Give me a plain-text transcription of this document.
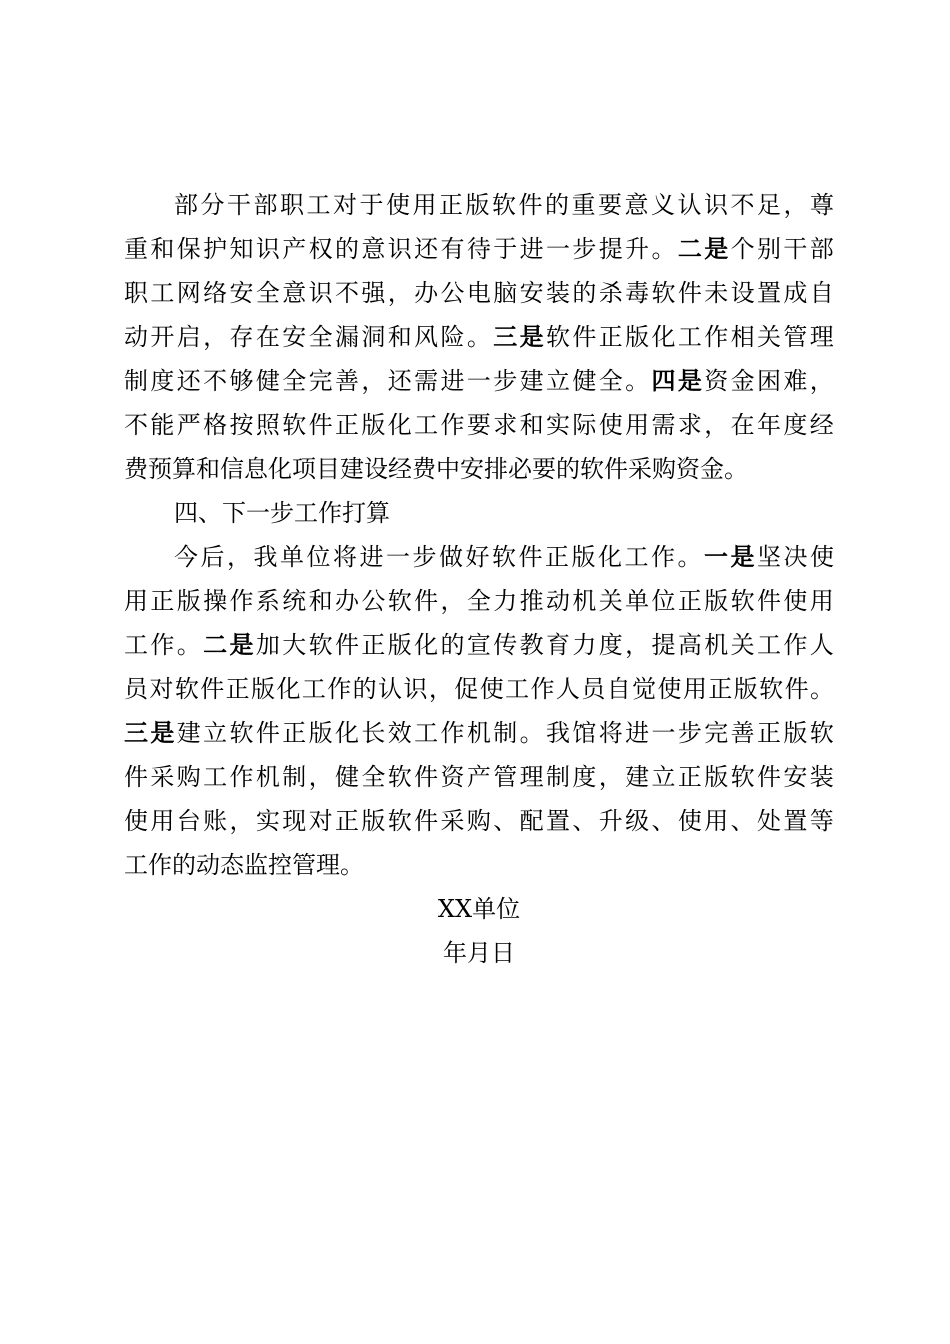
部 分 干 部 职 工 对 于 使 用 正 版 软 件 的 重 要 意 义 认 识 不 足 ， 尊
重 和 保 护 知 识 产 权 的 意 识 还 有 待 于 进 一 步 提 升 。 二 是 个 别 干 部
职 工 网 络 安 全 意 识 不 强 ， 办 公 电 脑 安 装 的 杀 毒 软 件 未 设 置 成 自
动 开 启 ， 存 在 安 全 漏 洞 和 风 险 。 三 是 软 件 正 版 化 工 作 相 关 管 理
制 度 还 不 够 健 全 完 善 ， 还 需 进 一 步 建 立 健 全 。 四 是 资 金 困 难 ，
不 能 严 格 按 照 软 件 正 版 化 工 作 要 求 和 实 际 使 用 需 求 ， 在 年 度 经
费 预 算 和 信 息 化 项 目 建 设 经 费 中 安 排 必 要 的 软 件 采 购 资 金 。
四 、 下 一 步 工 作 打 算
今 后 ， 我 单 位 将 进 一 步 做 好 软 件 正 版 化 工 作 。 一 是 坚 决 使
用 正 版 操 作 系 统 和 办 公 软 件 ， 全 力 推 动 机 关 单 位 正 版 软 件 使 用
工 作 。 二 是 加 大 软 件 正 版 化 的 宣 传 教 育 力 度 ， 提 高 机 关 工 作 人
员 对 软 件 正 版 化 工 作 的 认 识 ， 促 使 工 作 人 员 自 觉 使 用 正 版 软 件 。
三 是 建 立 软 件 正 版 化 长 效 工 作 机 制 。 我 馆 将 进 一 步 完 善 正 版 软
件 采 购 工 作 机 制 ， 健 全 软 件 资 产 管 理 制 度 ， 建 立 正 版 软 件 安 装
使 用 台 账 ， 实 现 对 正 版 软 件 采 购 、 配 置 、 升 级 、 使 用 、 处 置 等
工 作 的 动 态 监 控 管 理 。
XX单位
年月日
